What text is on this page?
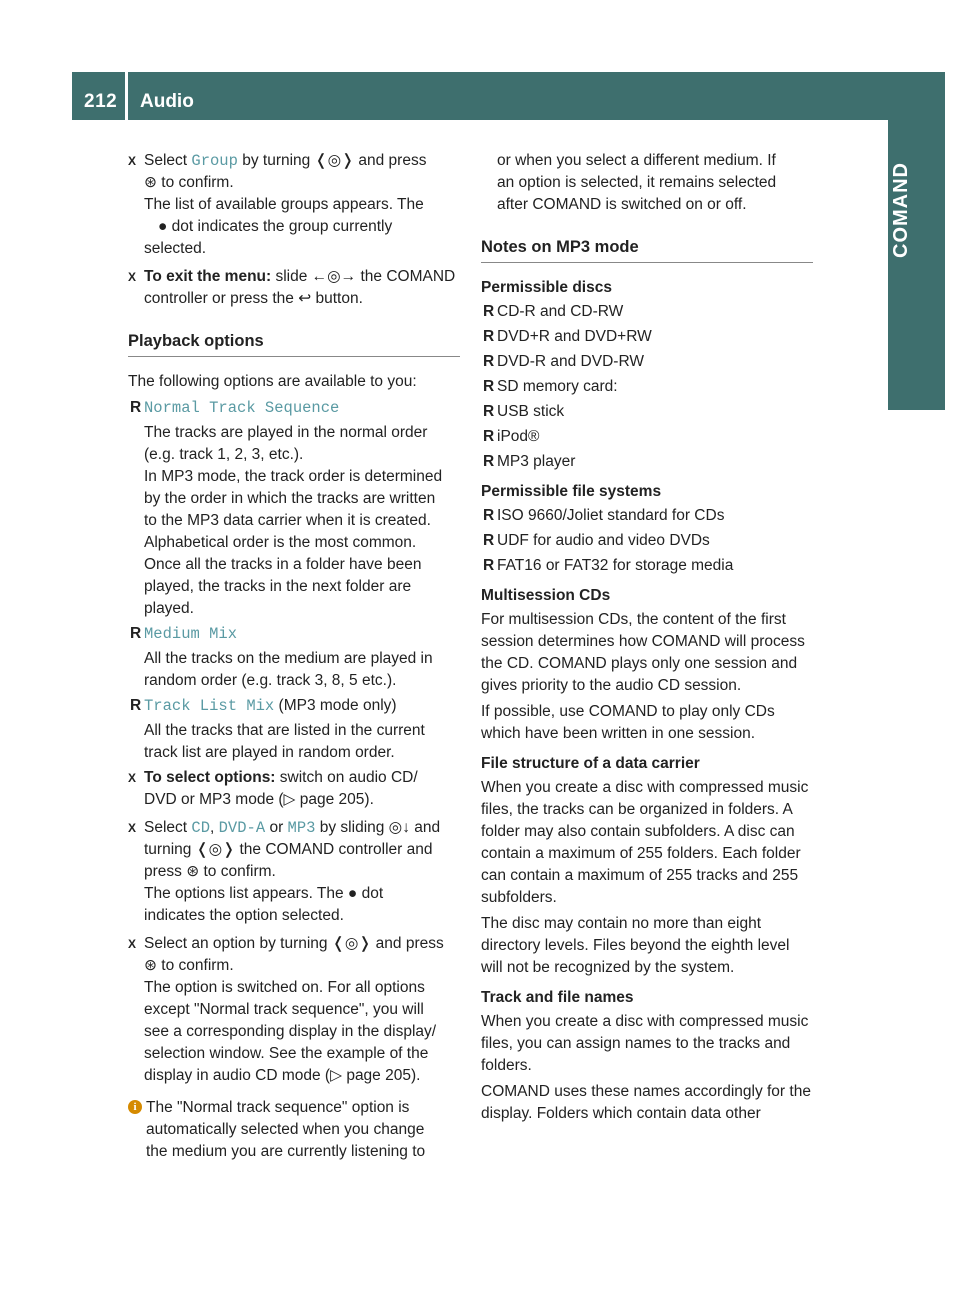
212 Audio
COMAND
X Select Group by turning ❬◎❭ and press
⊛ to confirm.
The list of available groups appears. The
● dot indicates the group currently
selected.
X To exit the menu: slide ←◎→ the COMAND
controller or press the ↩ button.
Playback options
The following options are available to you:
R Normal Track Sequence
The tracks are played in the normal order
(e.g. track 1, 2, 3, etc.).
In MP3 mode, the track order is determined
by the order in which the tracks are written
to the MP3 data carrier when it is created.
Alphabetical order is the most common.
Once all the tracks in a folder have been
played, the tracks in the next folder are
played.
R Medium Mix
All the tracks on the medium are played in
random order (e.g. track 3, 8, 5 etc.).
R Track List Mix (MP3 mode only)
All the tracks that are listed in the current
track list are played in random order.
X To select options: switch on audio CD/
DVD or MP3 mode (▷ page 205).
X Select CD, DVD-A or MP3 by sliding ◎↓ and
turning ❬◎❭ the COMAND controller and
press ⊛ to confirm.
The options list appears. The ● dot
indicates the option selected.
X Select an option by turning ❬◎❭ and press
⊛ to confirm.
The option is switched on. For all options
except "Normal track sequence", you will
see a corresponding display in the display/
selection window. See the example of the
display in audio CD mode (▷ page 205).
i The "Normal track sequence" option is
automatically selected when you change
the medium you are currently listening to
or when you select a different medium. If
an option is selected, it remains selected
after COMAND is switched on or off.
Notes on MP3 mode
Permissible discs
R CD-R and CD-RW
R DVD+R and DVD+RW
R DVD-R and DVD-RW
R SD memory card:
R USB stick
R iPod®
R MP3 player
Permissible file systems
R ISO 9660/Joliet standard for CDs
R UDF for audio and video DVDs
R FAT16 or FAT32 for storage media
Multisession CDs
For multisession CDs, the content of the first session determines how COMAND will process the CD. COMAND plays only one session and gives priority to the audio CD session.
If possible, use COMAND to play only CDs which have been written in one session.
File structure of a data carrier
When you create a disc with compressed music files, the tracks can be organized in folders. A folder may also contain subfolders. A disc can contain a maximum of 255 folders. Each folder can contain a maximum of 255 tracks and 255 subfolders.
The disc may contain no more than eight directory levels. Files beyond the eighth level will not be recognized by the system.
Track and file names
When you create a disc with compressed music files, you can assign names to the tracks and folders.
COMAND uses these names accordingly for the display. Folders which contain data other
